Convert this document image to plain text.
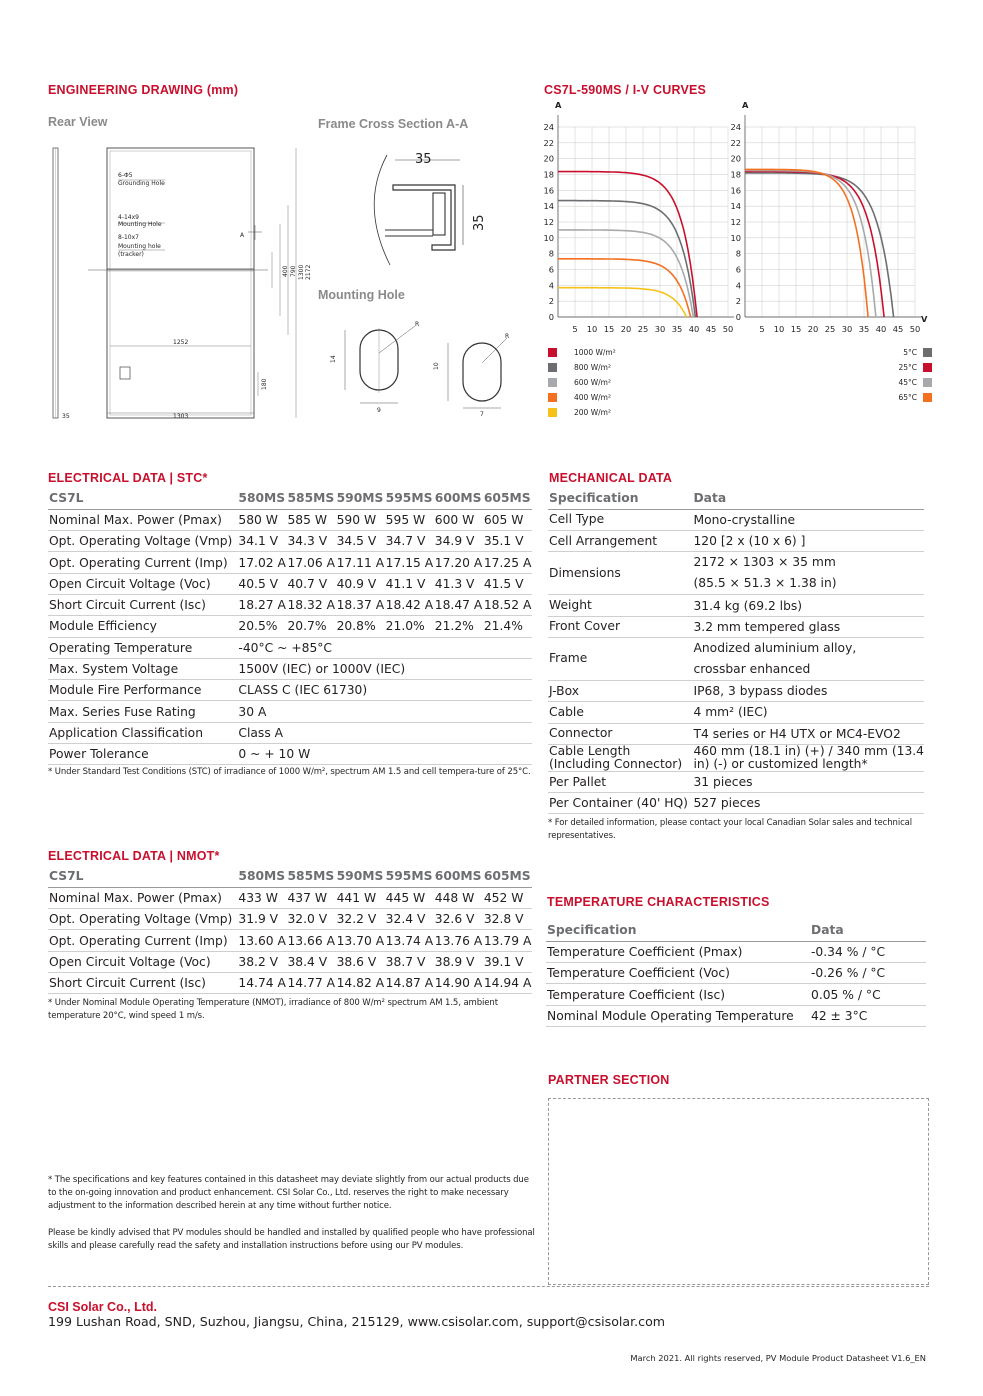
ENGINEERING DRAWING (mm)
Rear View	Frame Cross Section A-A
Mounting Hole
6-Φ5
Grounding Hole
4-14x9
Mounting Hole
8-10x7
Mounting hole
(tracker)
A
400 790 1300 2172
1252
1303
180
35
35
35
14
9
R
10
7
R
CS7L-590MS / I-V CURVES
A
24
22
20
18
16
14
12
10
8
6
4
2
0
5 10 15 20 25 30 35 40 45 50
A
24
22
20
18
16
14
12
10
8
6
4
2
0
5 10 15 20 25 30 35 40 45 50
V
1000 W/m²
800 W/m²
600 W/m²
400 W/m²
200 W/m²
5°C
25°C
45°C
65°C
ELECTRICAL DATA | STC*
CS7L	580MS	585MS	590MS	595MS	600MS	605MS
Nominal Max. Power (Pmax)	580 W	585 W	590 W	595 W	600 W	605 W
Opt. Operating Voltage (Vmp)	34.1 V	34.3 V	34.5 V	34.7 V	34.9 V	35.1 V
Opt. Operating Current (Imp)	17.02 A	17.06 A	17.11 A	17.15 A	17.20 A	17.25 A
Open Circuit Voltage (Voc)	40.5 V	40.7 V	40.9 V	41.1 V	41.3 V	41.5 V
Short Circuit Current (Isc)	18.27 A	18.32 A	18.37 A	18.42 A	18.47 A	18.52 A
Module Efficiency	20.5%	20.7%	20.8%	21.0%	21.2%	21.4%
Operating Temperature	-40°C ~ +85°C					
Max. System Voltage	1500V (IEC) or 1000V (IEC)					
Module Fire Performance	CLASS C (IEC 61730)					
Max. Series Fuse Rating	30 A					
Application Classification	Class A					
Power Tolerance	0 ~ + 10 W					
* Under Standard Test Conditions (STC) of irradiance of 1000 W/m², spectrum AM 1.5 and cell tempera-ture of 25°C.
ELECTRICAL DATA | NMOT*
CS7L	580MS	585MS	590MS	595MS	600MS	605MS
Nominal Max. Power (Pmax)	433 W	437 W	441 W	445 W	448 W	452 W
Opt. Operating Voltage (Vmp)	31.9 V	32.0 V	32.2 V	32.4 V	32.6 V	32.8 V
Opt. Operating Current (Imp)	13.60 A	13.66 A	13.70 A	13.74 A	13.76 A	13.79 A
Open Circuit Voltage (Voc)	38.2 V	38.4 V	38.6 V	38.7 V	38.9 V	39.1 V
Short Circuit Current (Isc)	14.74 A	14.77 A	14.82 A	14.87 A	14.90 A	14.94 A
* Under Nominal Module Operating Temperature (NMOT), irradiance of 800 W/m² spectrum AM 1.5, ambient temperature 20°C, wind speed 1 m/s.
MECHANICAL DATA
Specification	Data
Cell Type	Mono-crystalline
Cell Arrangement	120 [2 x (10 x 6) ]
Dimensions	2172 × 1303 × 35 mm
(85.5 × 51.3 × 1.38 in)
Weight	31.4 kg (69.2 lbs)
Front Cover	3.2 mm tempered glass
Frame	Anodized aluminium alloy,
crossbar enhanced
J-Box	IP68, 3 bypass diodes
Cable	4 mm² (IEC)
Connector	T4 series or H4 UTX or MC4-EVO2
Cable Length
(Including Connector)	460 mm (18.1 in) (+) / 340 mm (13.4
in) (-) or customized length*
Per Pallet	31 pieces
Per Container (40' HQ)	527 pieces
* For detailed information, please contact your local Canadian Solar sales and technical representatives.
TEMPERATURE CHARACTERISTICS
Specification	Data
Temperature Coefficient (Pmax)	-0.34 % / °C
Temperature Coefficient (Voc)	-0.26 % / °C
Temperature Coefficient (Isc)	0.05 % / °C
Nominal Module Operating Temperature	42 ± 3°C
PARTNER SECTION
* The specifications and key features contained in this datasheet may deviate slightly from our actual products due to the on-going innovation and product enhancement. CSI Solar Co., Ltd. reserves the right to make necessary adjustment to the information described herein at any time without further notice.
Please be kindly advised that PV modules should be handled and installed by qualified people who have professional skills and please carefully read the safety and installation instructions before using our PV modules.
CSI Solar Co., Ltd.
199 Lushan Road, SND, Suzhou, Jiangsu, China, 215129, www.csisolar.com, support@csisolar.com
March 2021. All rights reserved, PV Module Product Datasheet V1.6_EN
